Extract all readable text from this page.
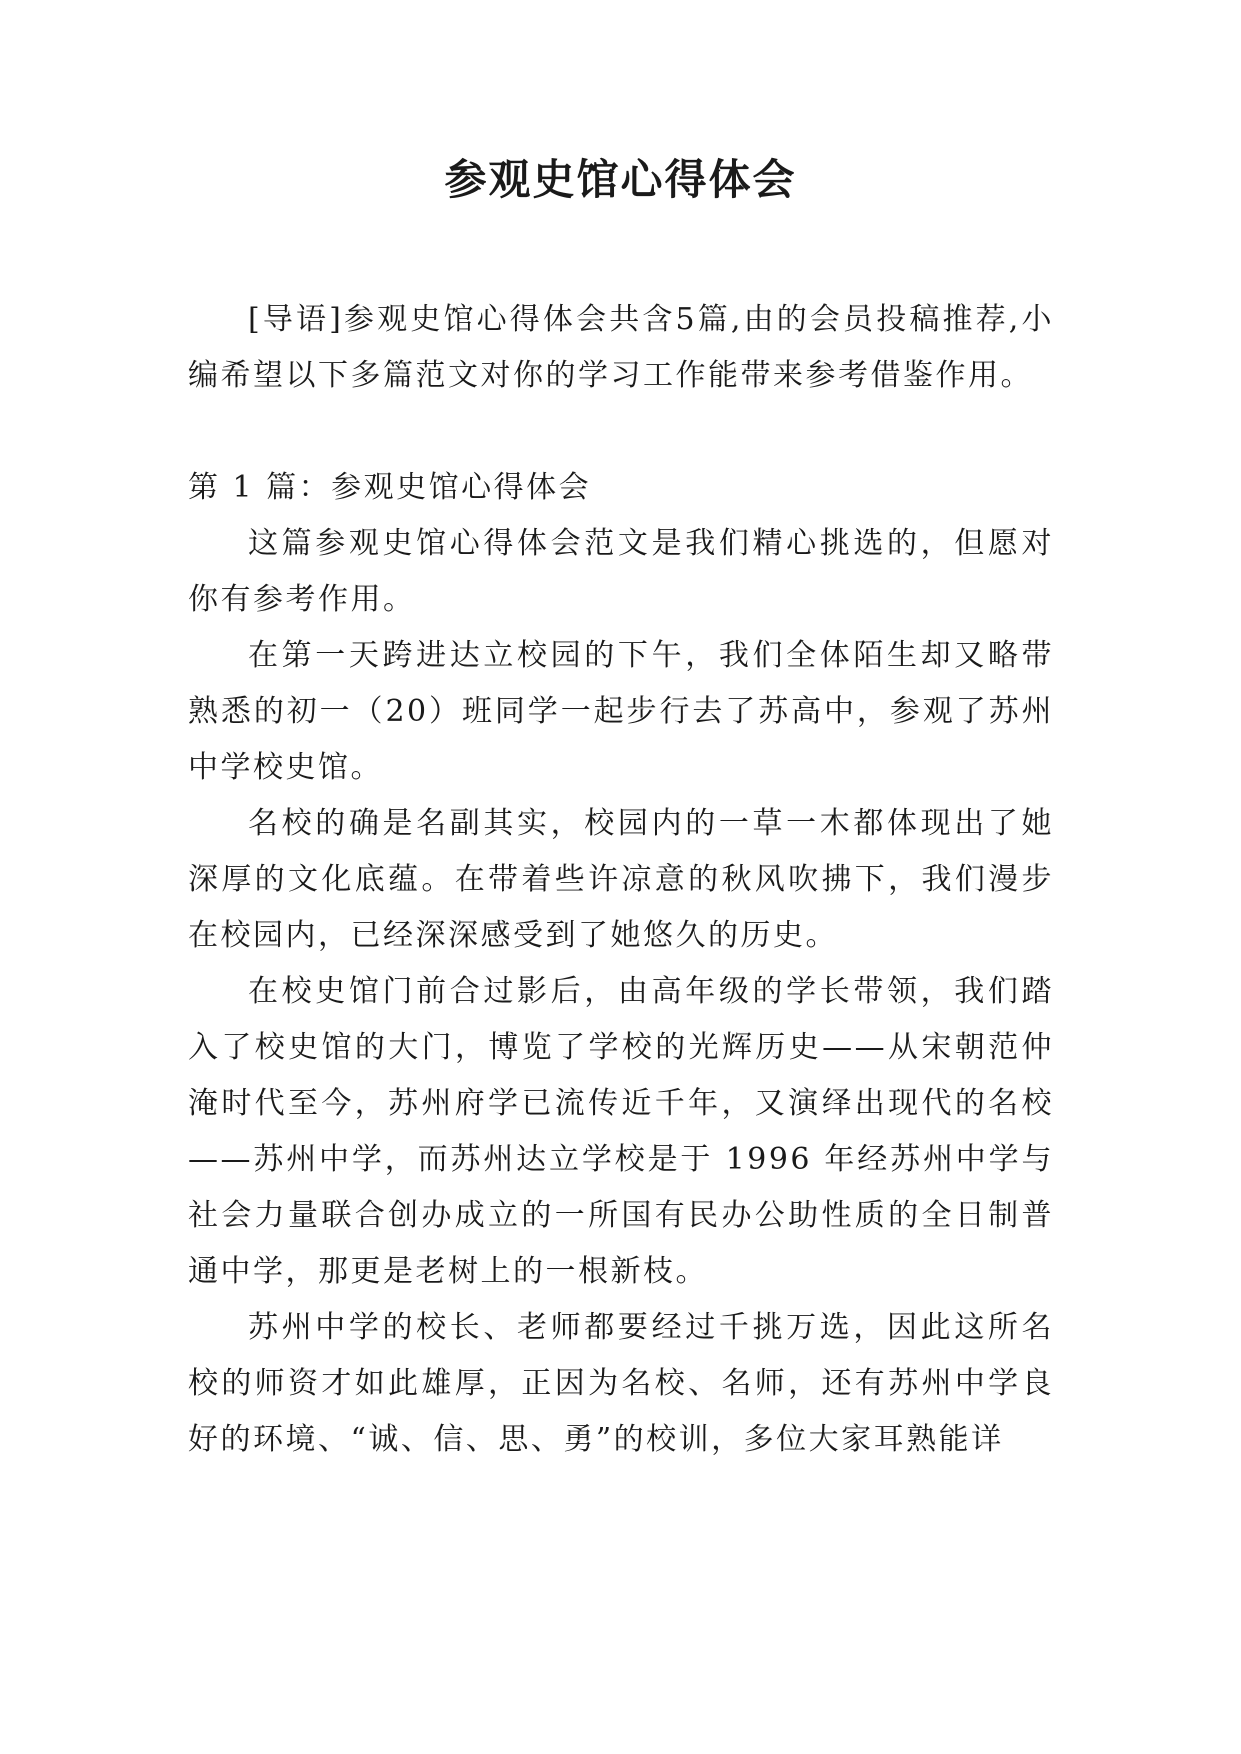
参观史馆心得体会

[导语]参观史馆心得体会共含5篇,由的会员投稿推荐,小编希望以下多篇范文对你的学习工作能带来参考借鉴作用。

第 1 篇：参观史馆心得体会

这篇参观史馆心得体会范文是我们精心挑选的，但愿对你有参考作用。

在第一天跨进达立校园的下午，我们全体陌生却又略带熟悉的初一（20）班同学一起步行去了苏高中，参观了苏州中学校史馆。

名校的确是名副其实，校园内的一草一木都体现出了她深厚的文化底蕴。在带着些许凉意的秋风吹拂下，我们漫步在校园内，已经深深感受到了她悠久的历史。

在校史馆门前合过影后，由高年级的学长带领，我们踏入了校史馆的大门，博览了学校的光辉历史——从宋朝范仲淹时代至今，苏州府学已流传近千年，又演绎出现代的名校——苏州中学，而苏州达立学校是于 1996 年经苏州中学与社会力量联合创办成立的一所国有民办公助性质的全日制普通中学，那更是老树上的一根新枝。

苏州中学的校长、老师都要经过千挑万选，因此这所名校的师资才如此雄厚，正因为名校、名师，还有苏州中学良好的环境、“诚、信、思、勇”的校训，多位大家耳熟能详
